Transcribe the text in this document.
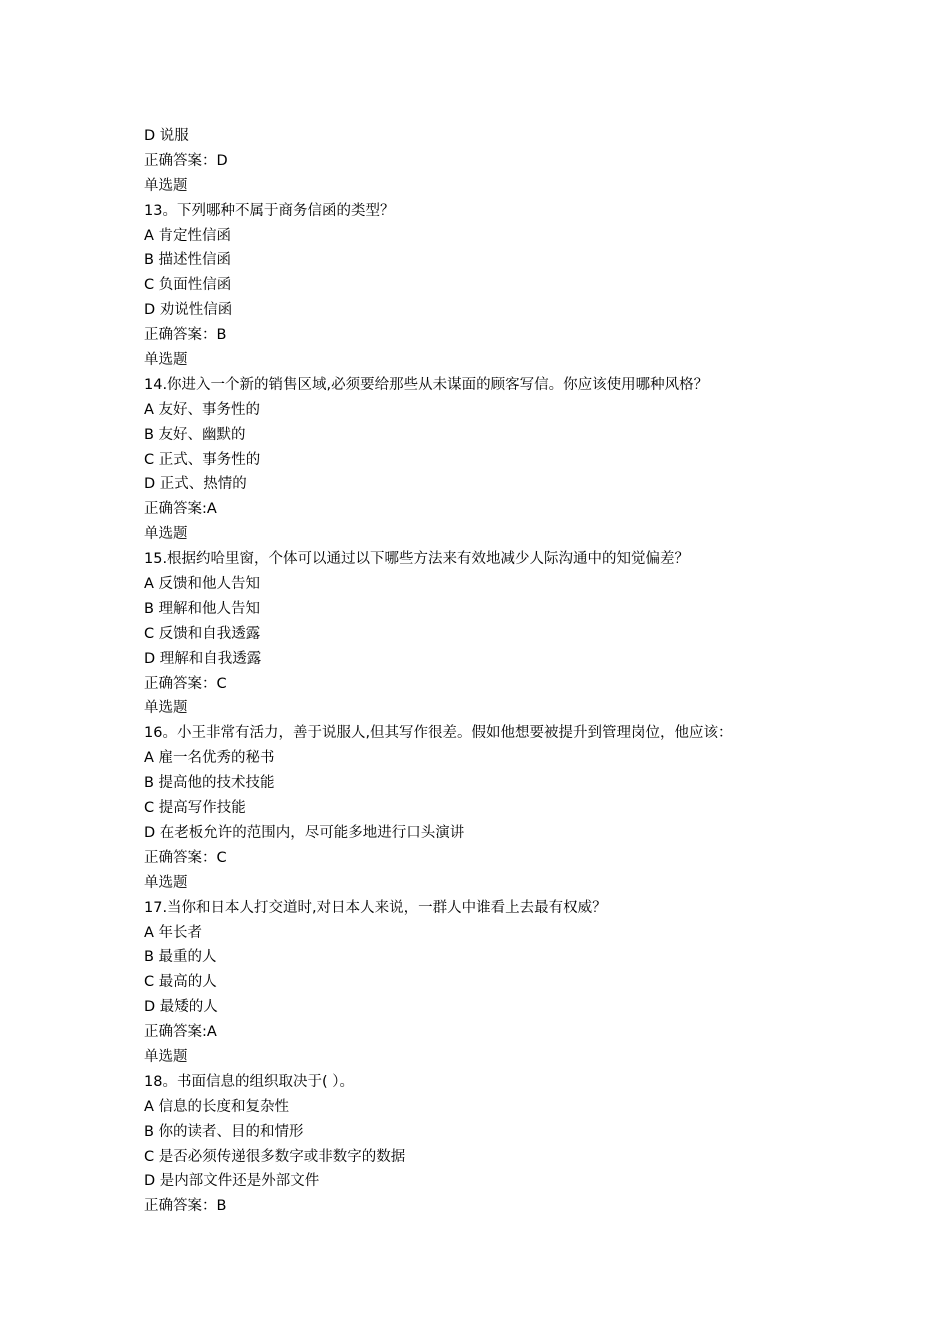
D 说服
正确答案：D
单选题
13。下列哪种不属于商务信函的类型？
A 肯定性信函
B 描述性信函
C 负面性信函
D 劝说性信函
正确答案：B
单选题
14.你进入一个新的销售区域,必须要给那些从未谋面的顾客写信。你应该使用哪种风格？
A 友好、事务性的
B 友好、幽默的
C 正式、事务性的
D 正式、热情的
正确答案:A
单选题
15.根据约哈里窗，个体可以通过以下哪些方法来有效地减少人际沟通中的知觉偏差？
A 反馈和他人告知
B 理解和他人告知
C 反馈和自我透露
D 理解和自我透露
正确答案：C
单选题
16。小王非常有活力，善于说服人,但其写作很差。假如他想要被提升到管理岗位，他应该：
A 雇一名优秀的秘书
B 提高他的技术技能
C 提高写作技能
D 在老板允许的范围内，尽可能多地进行口头演讲
正确答案：C
单选题
17.当你和日本人打交道时,对日本人来说，一群人中谁看上去最有权威？
A 年长者
B 最重的人
C 最高的人
D 最矮的人
正确答案:A
单选题
18。书面信息的组织取决于( ）。
A 信息的长度和复杂性
B 你的读者、目的和情形
C 是否必须传递很多数字或非数字的数据
D 是内部文件还是外部文件
正确答案：B
